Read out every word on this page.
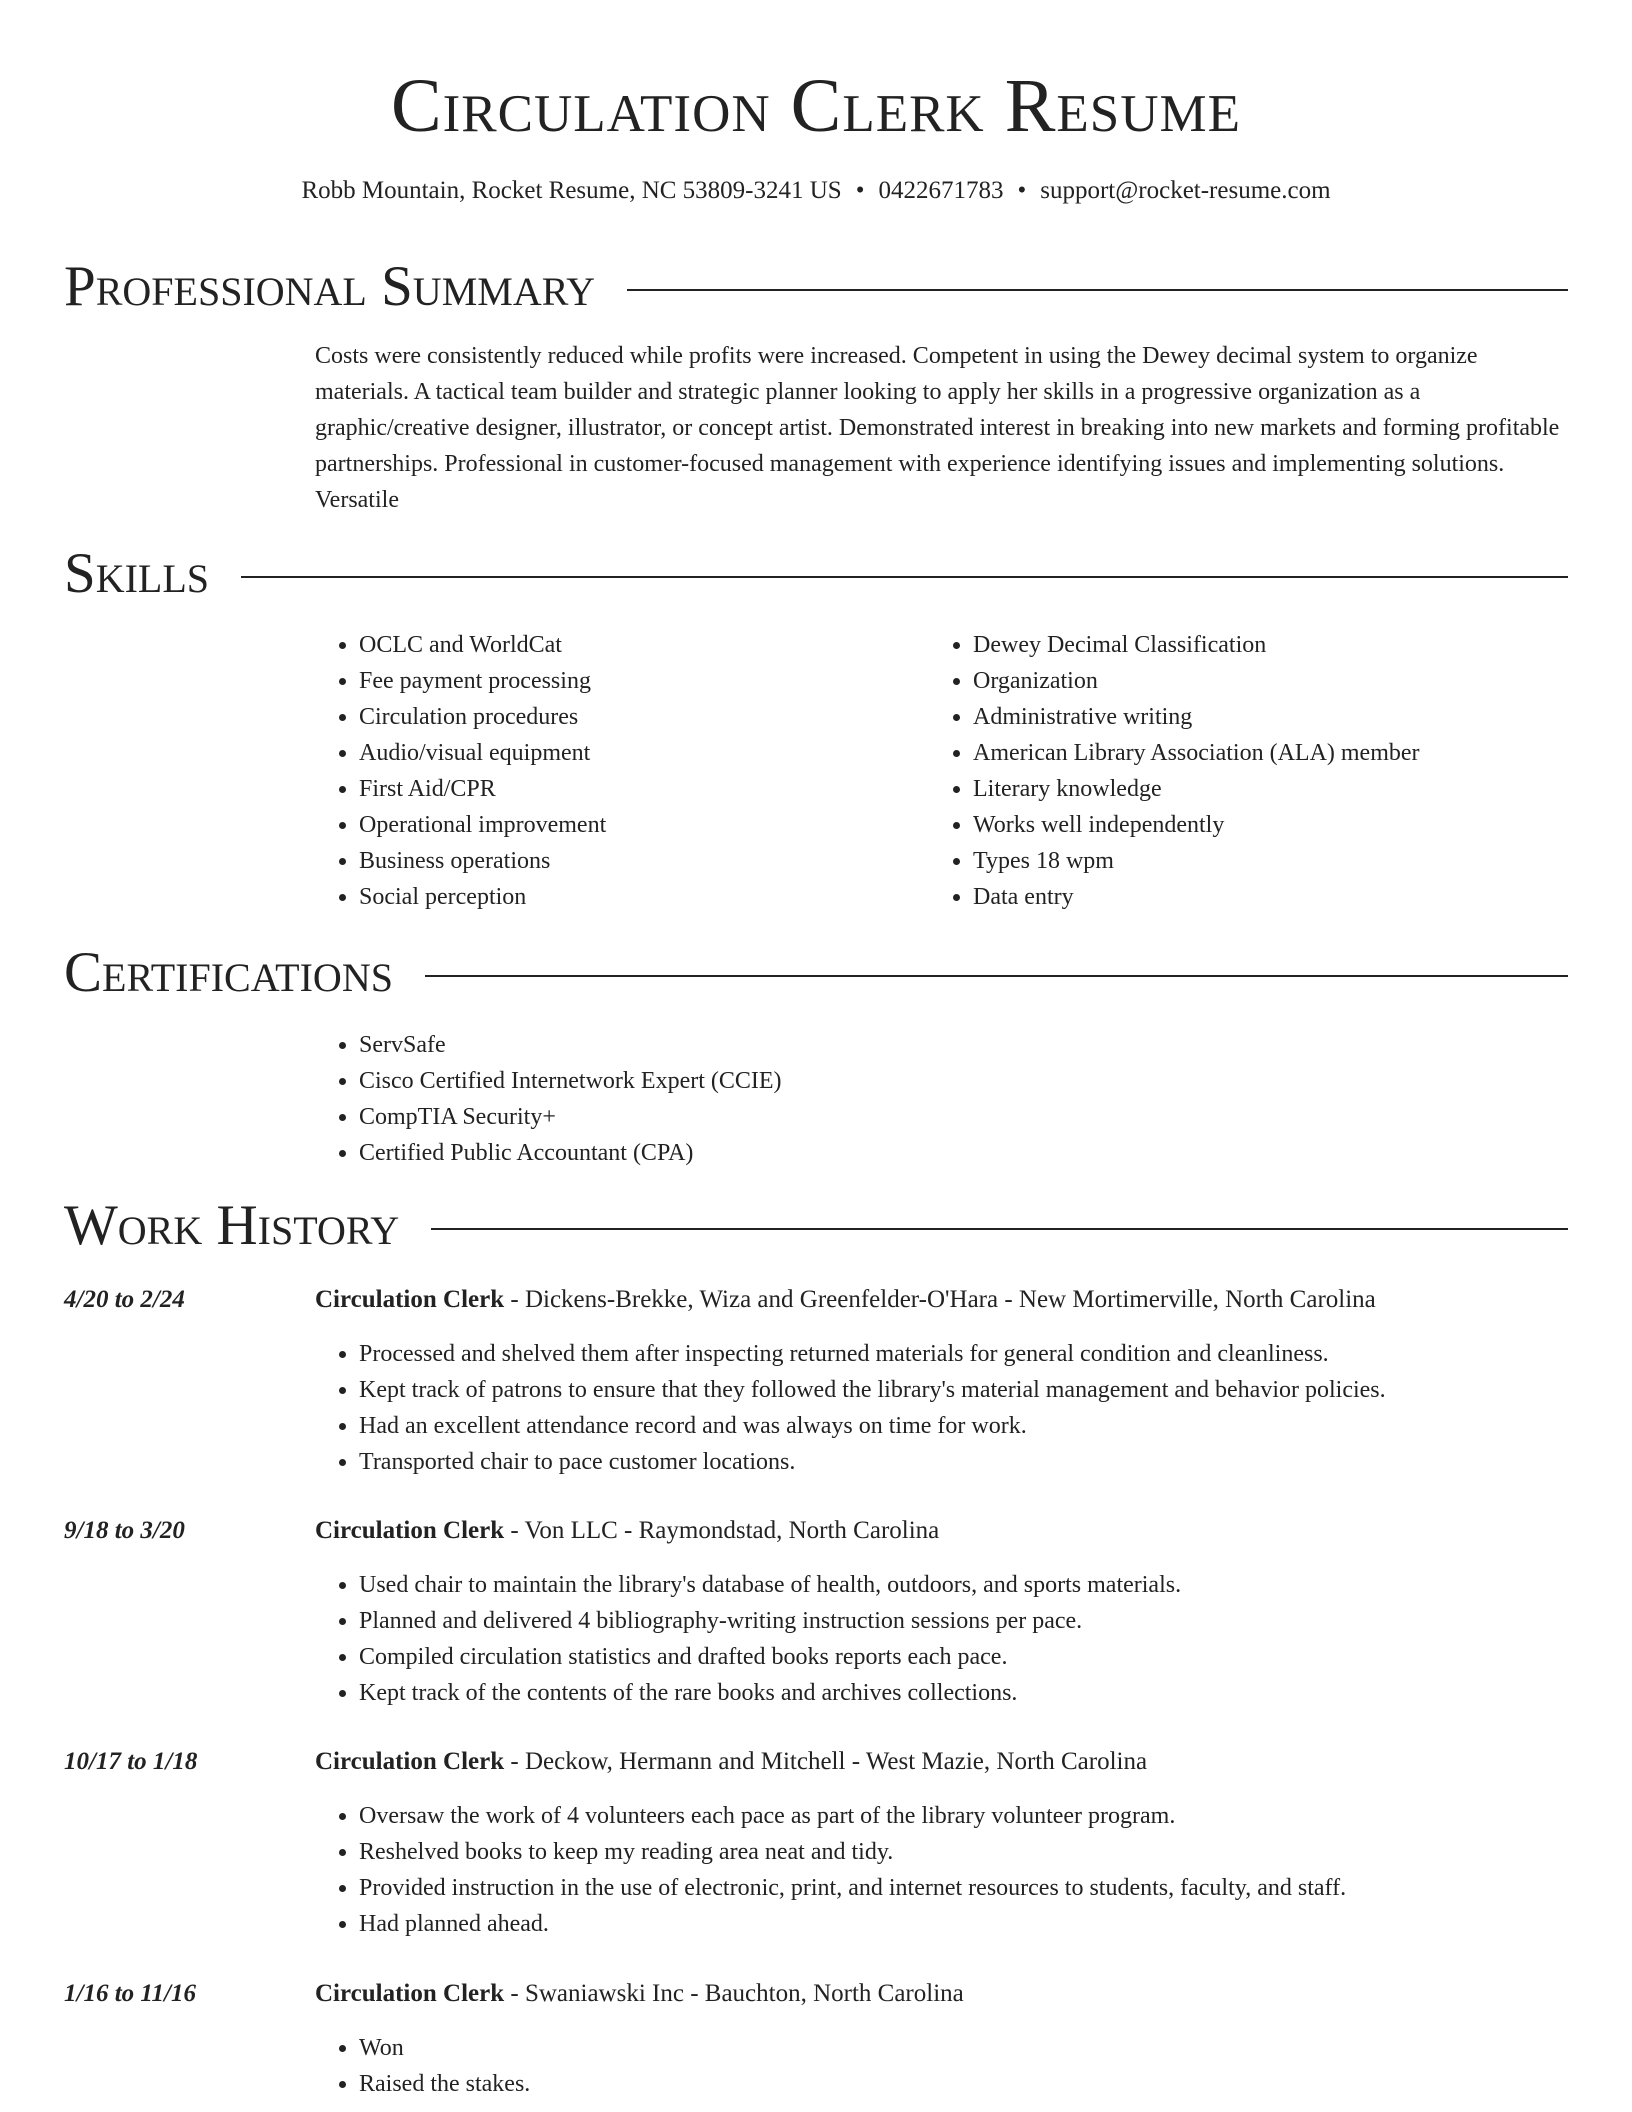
Circulation Clerk Resume
Robb Mountain, Rocket Resume, NC 53809-3241 US • 0422671783 • support@rocket-resume.com
Professional Summary
Costs were consistently reduced while profits were increased. Competent in using the Dewey decimal system to organize materials. A tactical team builder and strategic planner looking to apply her skills in a progressive organization as a graphic/creative designer, illustrator, or concept artist. Demonstrated interest in breaking into new markets and forming profitable partnerships. Professional in customer-focused management with experience identifying issues and implementing solutions. Versatile
Skills
• OCLC and WorldCat
• Fee payment processing
• Circulation procedures
• Audio/visual equipment
• First Aid/CPR
• Operational improvement
• Business operations
• Social perception
• Dewey Decimal Classification
• Organization
• Administrative writing
• American Library Association (ALA) member
• Literary knowledge
• Works well independently
• Types 18 wpm
• Data entry
Certifications
• ServSafe
• Cisco Certified Internetwork Expert (CCIE)
• CompTIA Security+
• Certified Public Accountant (CPA)
Work History
4/20 to 2/24	Circulation Clerk - Dickens-Brekke, Wiza and Greenfelder-O'Hara - New Mortimerville, North Carolina
• Processed and shelved them after inspecting returned materials for general condition and cleanliness.
• Kept track of patrons to ensure that they followed the library's material management and behavior policies.
• Had an excellent attendance record and was always on time for work.
• Transported chair to pace customer locations.
9/18 to 3/20	Circulation Clerk - Von LLC - Raymondstad, North Carolina
• Used chair to maintain the library's database of health, outdoors, and sports materials.
• Planned and delivered 4 bibliography-writing instruction sessions per pace.
• Compiled circulation statistics and drafted books reports each pace.
• Kept track of the contents of the rare books and archives collections.
10/17 to 1/18	Circulation Clerk - Deckow, Hermann and Mitchell - West Mazie, North Carolina
• Oversaw the work of 4 volunteers each pace as part of the library volunteer program.
• Reshelved books to keep my reading area neat and tidy.
• Provided instruction in the use of electronic, print, and internet resources to students, faculty, and staff.
• Had planned ahead.
1/16 to 11/16	Circulation Clerk - Swaniawski Inc - Bauchton, North Carolina
• Won
• Raised the stakes.
